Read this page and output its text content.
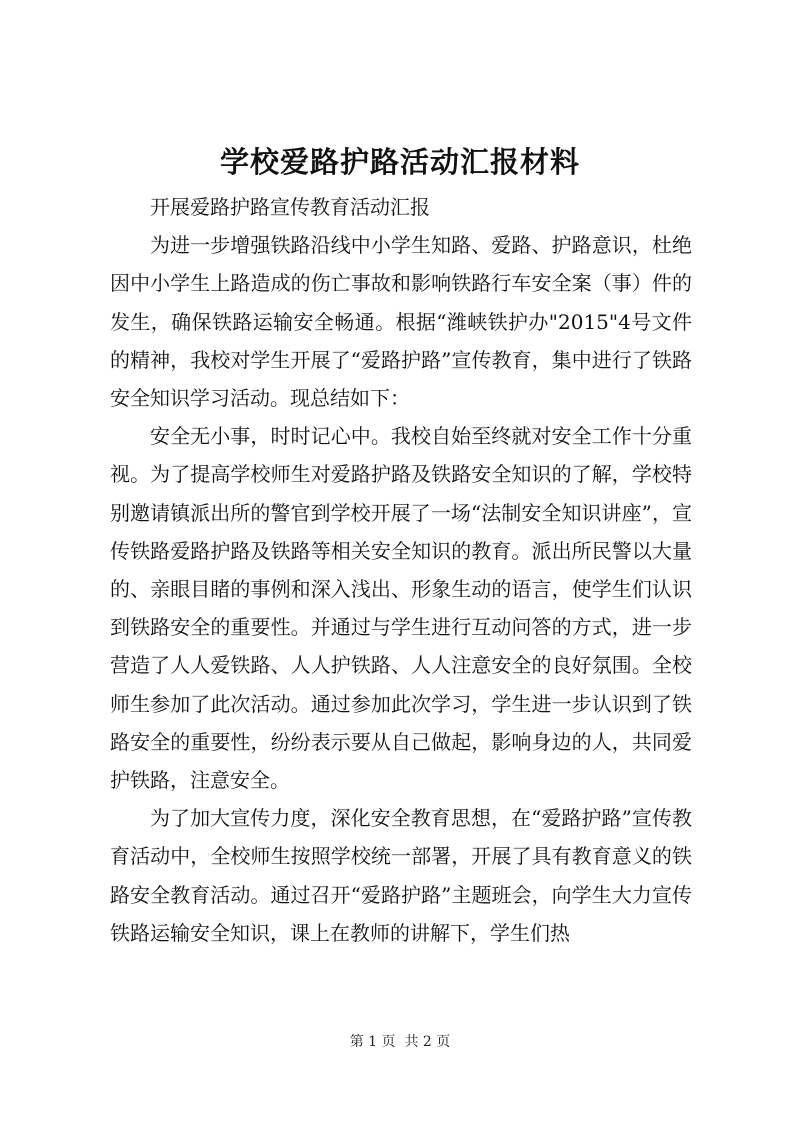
学校爱路护路活动汇报材料

开展爱路护路宣传教育活动汇报

为进一步增强铁路沿线中小学生知路、爱路、护路意识，杜绝因中小学生上路造成的伤亡事故和影响铁路行车安全案（事）件的发生，确保铁路运输安全畅通。根据“潍峡铁护办"2015"4号文件的精神，我校对学生开展了“爱路护路”宣传教育，集中进行了铁路安全知识学习活动。现总结如下：

安全无小事，时时记心中。我校自始至终就对安全工作十分重视。为了提高学校师生对爱路护路及铁路安全知识的了解，学校特别邀请镇派出所的警官到学校开展了一场“法制安全知识讲座”，宣传铁路爱路护路及铁路等相关安全知识的教育。派出所民警以大量的、亲眼目睹的事例和深入浅出、形象生动的语言，使学生们认识到铁路安全的重要性。并通过与学生进行互动问答的方式，进一步营造了人人爱铁路、人人护铁路、人人注意安全的良好氛围。全校师生参加了此次活动。通过参加此次学习，学生进一步认识到了铁路安全的重要性，纷纷表示要从自己做起，影响身边的人，共同爱护铁路，注意安全。

为了加大宣传力度，深化安全教育思想，在“爱路护路”宣传教育活动中，全校师生按照学校统一部署，开展了具有教育意义的铁路安全教育活动。通过召开“爱路护路”主题班会，向学生大力宣传铁路运输安全知识，课上在教师的讲解下，学生们热

第 1 页  共 2 页
